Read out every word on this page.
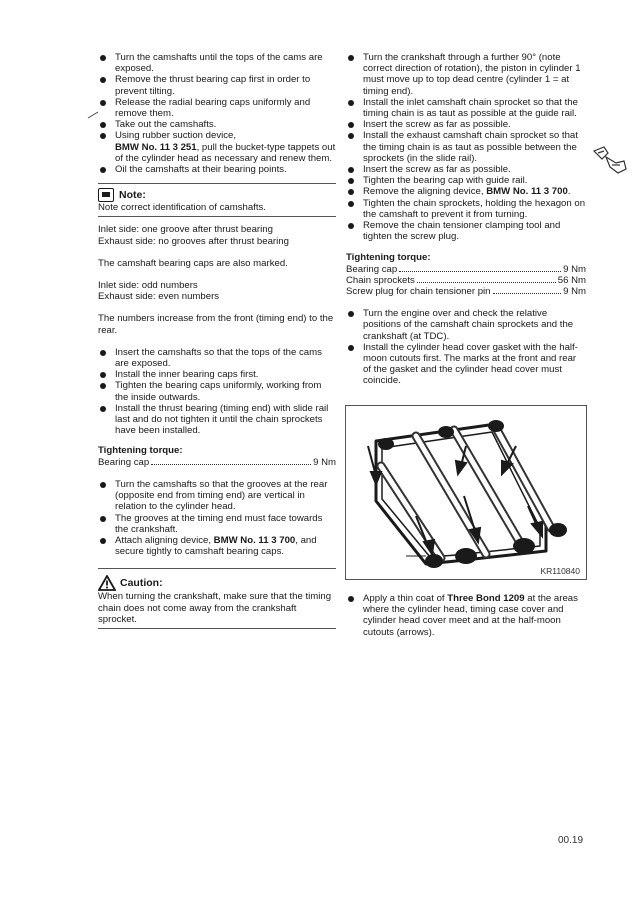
Turn the camshafts until the tops of the cams are exposed.
Remove the thrust bearing cap first in order to prevent tilting.
Release the radial bearing caps uniformly and remove them.
Take out the camshafts.
Using rubber suction device,
BMW No. 11 3 251, pull the bucket-type tappets out of the cylinder head as necessary and renew them.
Oil the camshafts at their bearing points.
Note:

Note correct identification of camshafts.

Inlet side: one groove after thrust bearing

Exhaust side: no grooves after thrust bearing

The camshaft bearing caps are also marked.

Inlet side: odd numbers

Exhaust side: even numbers

The numbers increase from the front (timing end) to the rear.

Insert the camshafts so that the tops of the cams are exposed.
Install the inner bearing caps first.
Tighten the bearing caps uniformly, working from the inside outwards.
Install the thrust bearing (timing end) with slide rail last and do not tighten it until the chain sprockets have been installed.

Tightening torque:

Bearing cap	9 Nm
Turn the camshafts so that the grooves at the rear (opposite end from timing end) are vertical in relation to the cylinder head.
The grooves at the timing end must face towards the crankshaft.
Attach aligning device, BMW No. 11 3 700, and secure tightly to camshaft bearing caps.
Caution:

When turning the crankshaft, make sure that the timing chain does not come away from the crankshaft sprocket.

Turn the crankshaft through a further 90° (note correct direction of rotation), the piston in cylinder 1 must move up to top dead centre (cylinder 1 = at timing end).
Install the inlet camshaft chain sprocket so that the timing chain is as taut as possible at the guide rail.
Insert the screw as far as possible.
Install the exhaust camshaft chain sprocket so that the timing chain is as taut as possible between the sprockets (in the slide rail).
Insert the screw as far as possible.
Tighten the bearing cap with guide rail.
Remove the aligning device, BMW No. 11 3 700.
Tighten the chain sprockets, holding the hexagon on the camshaft to prevent it from turning.
Remove the chain tensioner clamping tool and tighten the screw plug.

Tightening torque:

Bearing cap	9 Nm
Chain sprockets	56 Nm
Screw plug for chain tensioner pin	9 Nm
Turn the engine over and check the relative positions of the camshaft chain sprockets and the crankshaft (at TDC).
Install the cylinder head cover gasket with the half-moon cutouts first. The marks at the front and rear of the gasket and the cylinder head cover must coincide.
KR110840
Apply a thin coat of Three Bond 1209 at the areas where the cylinder head, timing case cover and cylinder head cover meet and at the half-moon cutouts (arrows).
00.19
